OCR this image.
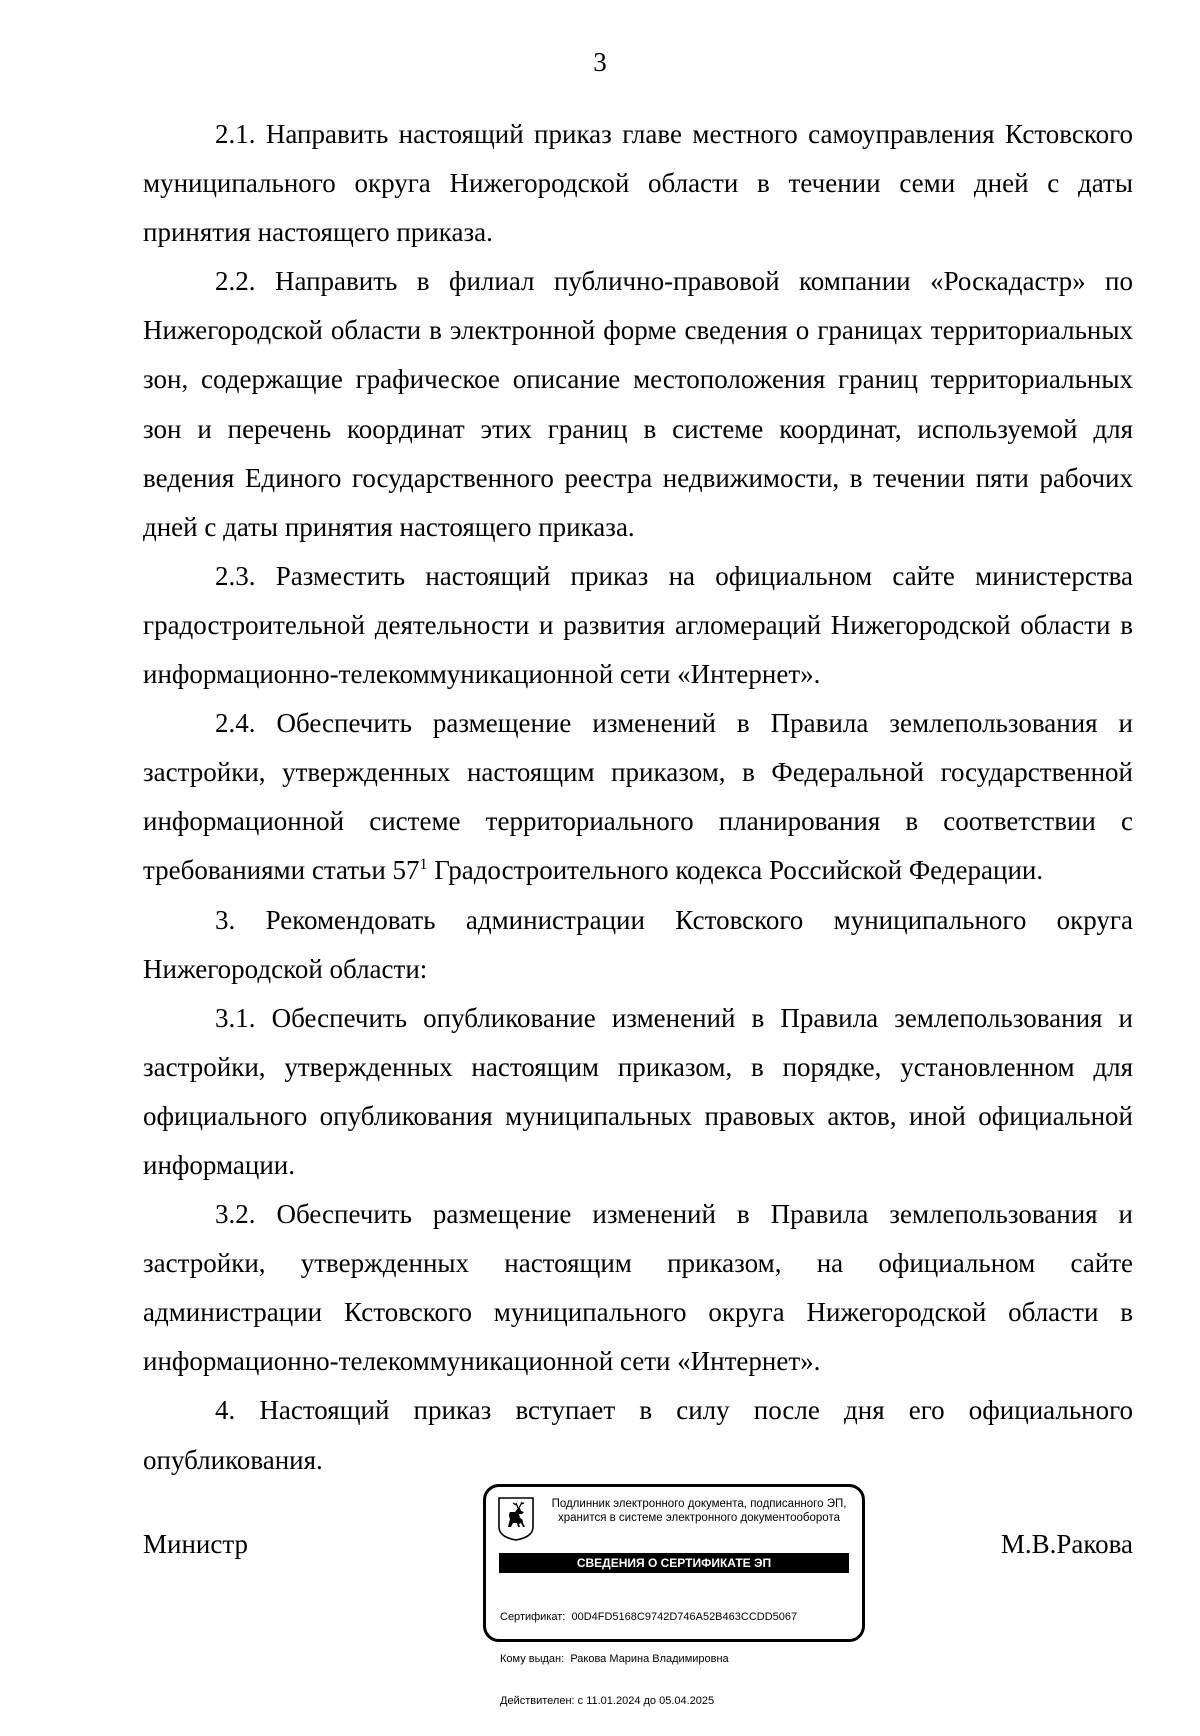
3

2.1. Направить настоящий приказ главе местного самоуправления Кстовского муниципального округа Нижегородской области в течении семи дней с даты принятия настоящего приказа.

2.2. Направить в филиал публично-правовой компании «Роскадастр» по Нижегородской области в электронной форме сведения о границах территориальных зон, содержащие графическое описание местоположения границ территориальных зон и перечень координат этих границ в системе координат, используемой для ведения Единого государственного реестра недвижимости, в течении пяти рабочих дней с даты принятия настоящего приказа.

2.3. Разместить настоящий приказ на официальном сайте министерства градостроительной деятельности и развития агломераций Нижегородской области в информационно-телекоммуникационной сети «Интернет».

2.4. Обеспечить размещение изменений в Правила землепользования и застройки, утвержденных настоящим приказом, в Федеральной государственной информационной системе территориального планирования в соответствии с требованиями статьи $57^1$ Градостроительного кодекса Российской Федерации.

3. Рекомендовать администрации Кстовского муниципального округа Нижегородской области:

3.1. Обеспечить опубликование изменений в Правила землепользования и застройки, утвержденных настоящим приказом, в порядке, установленном для официального опубликования муниципальных правовых актов, иной официальной информации.

3.2. Обеспечить размещение изменений в Правила землепользования и застройки, утвержденных настоящим приказом, на официальном сайте администрации Кстовского муниципального округа Нижегородской области в информационно-телекоммуникационной сети «Интернет».

4. Настоящий приказ вступает в силу после дня его официального опубликования.

Министр	М.В.Ракова
Подлинник электронного документа, подписанного ЭП,
хранится в системе электронного документооборота
СВЕДЕНИЯ О СЕРТИФИКАТЕ ЭП

Сертификат: 00D4FD5168C9742D746A52B463CCDD5067

Кому выдан: Ракова Марина Владимировна

Действителен: с 11.01.2024 до 05.04.2025
